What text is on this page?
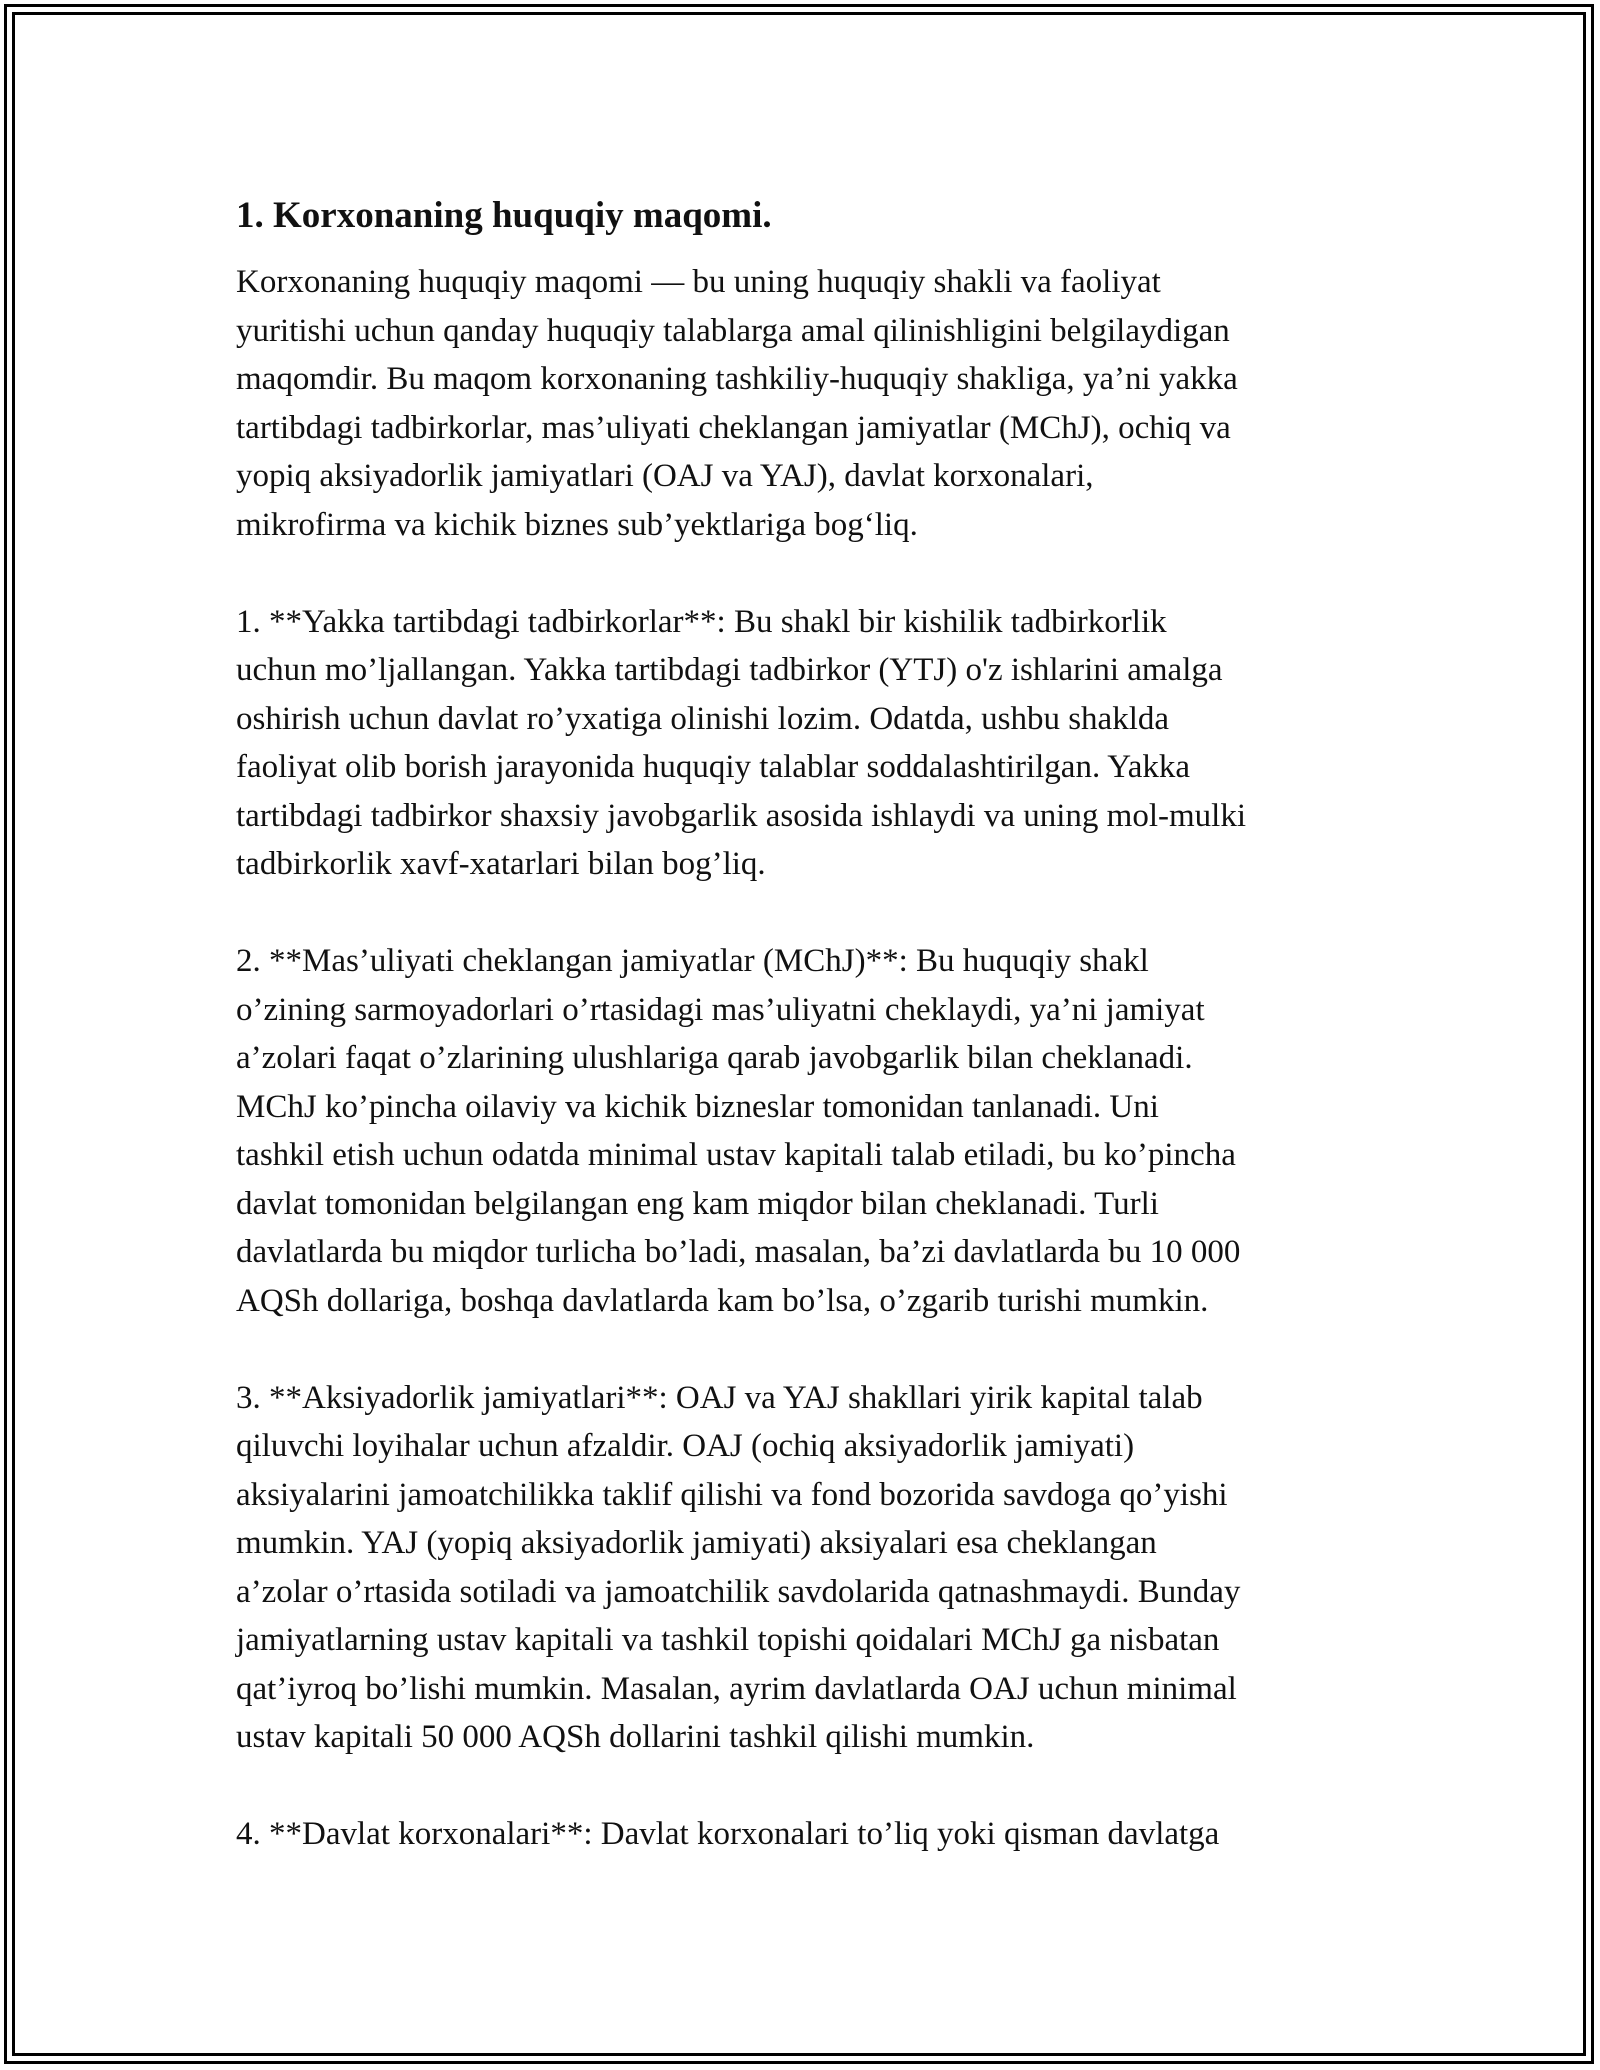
1. Korxonaning huquqiy maqomi.
Korxonaning huquqiy maqomi — bu uning huquqiy shakli va faoliyat
yuritishi uchun qanday huquqiy talablarga amal qilinishligini belgilaydigan
maqomdir. Bu maqom korxonaning tashkiliy-huquqiy shakliga, ya’ni yakka
tartibdagi tadbirkorlar, mas’uliyati cheklangan jamiyatlar (MChJ), ochiq va
yopiq aksiyadorlik jamiyatlari (OAJ va YAJ), davlat korxonalari,
mikrofirma va kichik biznes sub’yektlariga bog‘liq.
1. **Yakka tartibdagi tadbirkorlar**: Bu shakl bir kishilik tadbirkorlik
uchun mo’ljallangan. Yakka tartibdagi tadbirkor (YTJ) o'z ishlarini amalga
oshirish uchun davlat ro’yxatiga olinishi lozim. Odatda, ushbu shaklda
faoliyat olib borish jarayonida huquqiy talablar soddalashtirilgan. Yakka
tartibdagi tadbirkor shaxsiy javobgarlik asosida ishlaydi va uning mol-mulki
tadbirkorlik xavf-xatarlari bilan bog’liq.
2. **Mas’uliyati cheklangan jamiyatlar (MChJ)**: Bu huquqiy shakl
o’zining sarmoyadorlari o’rtasidagi mas’uliyatni cheklaydi, ya’ni jamiyat
a’zolari faqat o’zlarining ulushlariga qarab javobgarlik bilan cheklanadi.
MChJ ko’pincha oilaviy va kichik bizneslar tomonidan tanlanadi. Uni
tashkil etish uchun odatda minimal ustav kapitali talab etiladi, bu ko’pincha
davlat tomonidan belgilangan eng kam miqdor bilan cheklanadi. Turli
davlatlarda bu miqdor turlicha bo’ladi, masalan, ba’zi davlatlarda bu 10 000
AQSh dollariga, boshqa davlatlarda kam bo’lsa, o’zgarib turishi mumkin.
3. **Aksiyadorlik jamiyatlari**: OAJ va YAJ shakllari yirik kapital talab
qiluvchi loyihalar uchun afzaldir. OAJ (ochiq aksiyadorlik jamiyati)
aksiyalarini jamoatchilikka taklif qilishi va fond bozorida savdoga qo’yishi
mumkin. YAJ (yopiq aksiyadorlik jamiyati) aksiyalari esa cheklangan
a’zolar o’rtasida sotiladi va jamoatchilik savdolarida qatnashmaydi. Bunday
jamiyatlarning ustav kapitali va tashkil topishi qoidalari MChJ ga nisbatan
qat’iyroq bo’lishi mumkin. Masalan, ayrim davlatlarda OAJ uchun minimal
ustav kapitali 50 000 AQSh dollarini tashkil qilishi mumkin.
4. **Davlat korxonalari**: Davlat korxonalari to’liq yoki qisman davlatga
